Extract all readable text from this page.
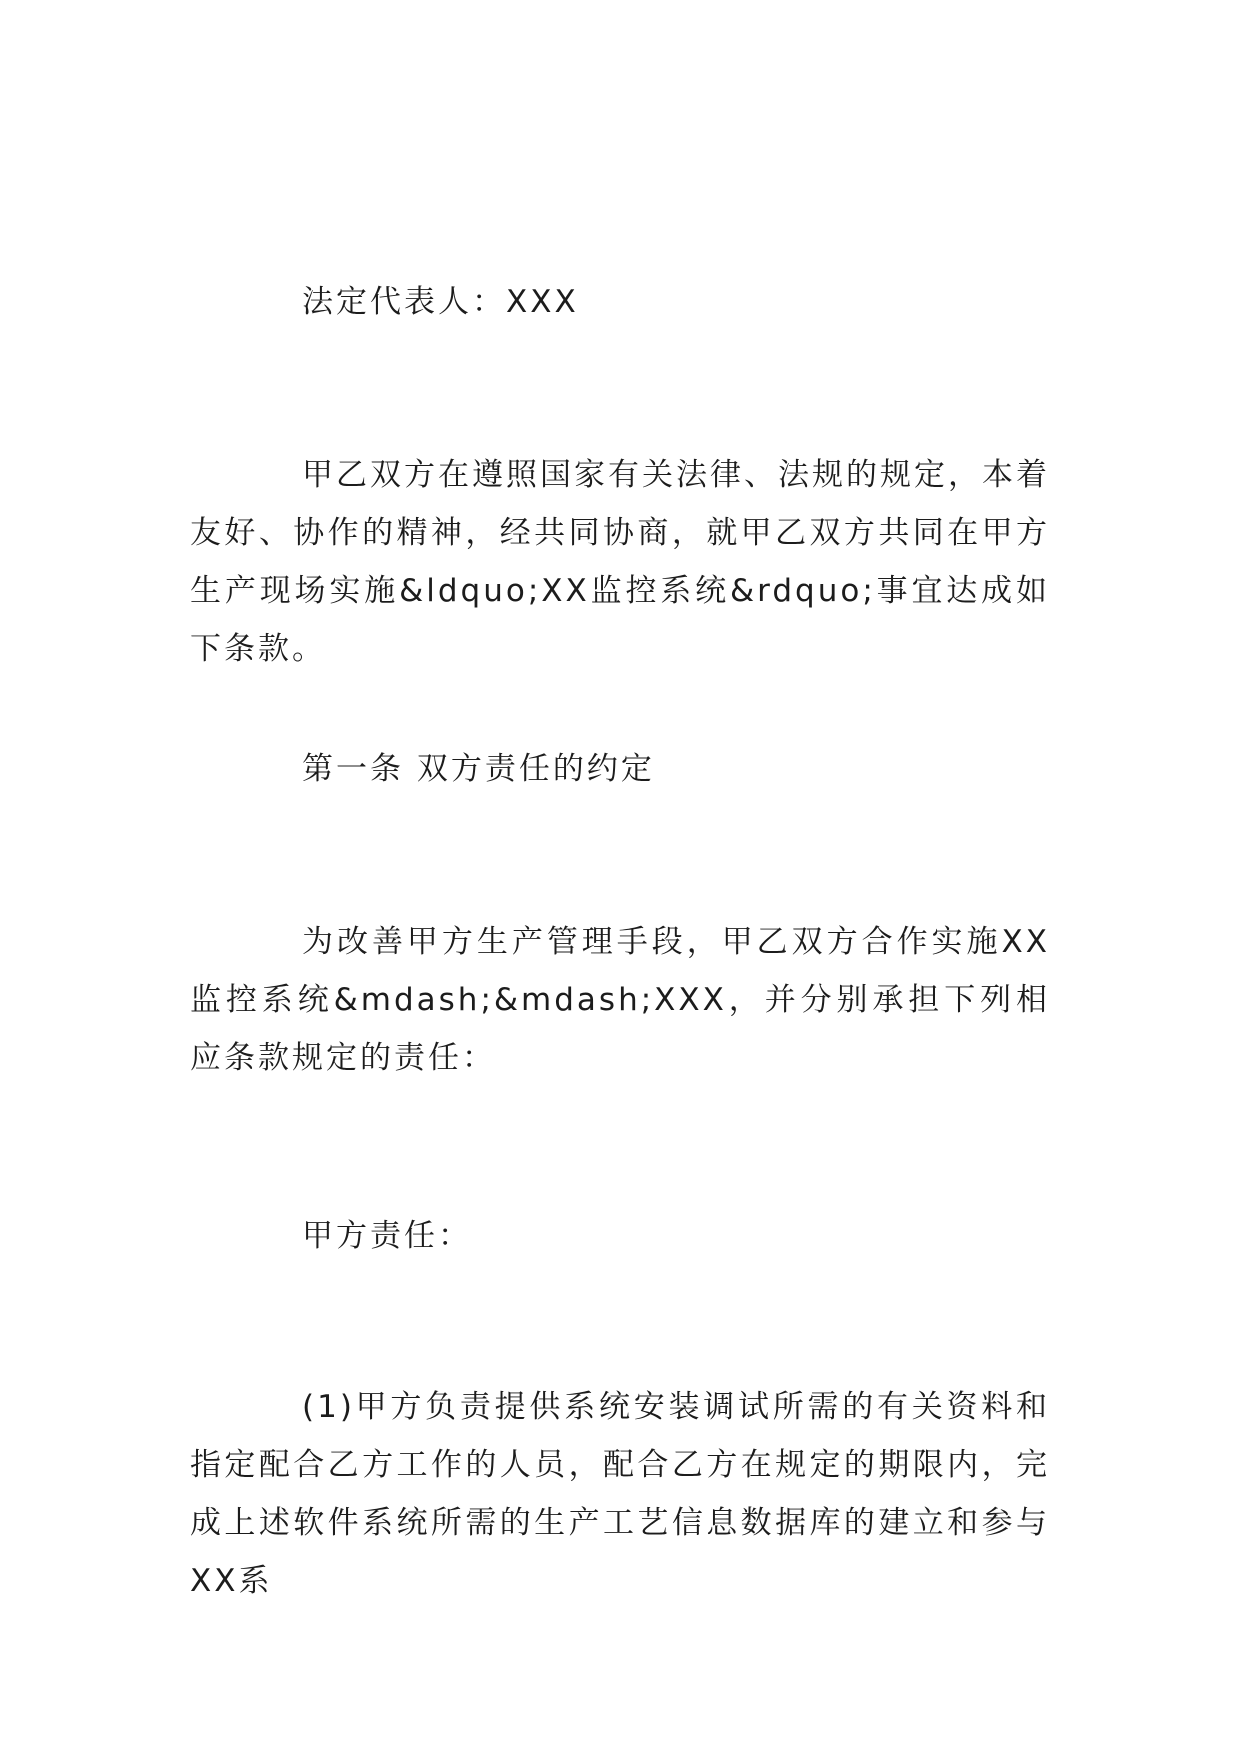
法定代表人：XXX

甲乙双方在遵照国家有关法律、法规的规定，本着友好、协作的精神，经共同协商，就甲乙双方共同在甲方生产现场实施&ldquo;XX监控系统&rdquo;事宜达成如下条款。

第一条 双方责任的约定

为改善甲方生产管理手段，甲乙双方合作实施XX监控系统&mdash;&mdash;XXX，并分别承担下列相应条款规定的责任：

甲方责任：

(1)甲方负责提供系统安装调试所需的有关资料和指定配合乙方工作的人员，配合乙方在规定的期限内，完成上述软件系统所需的生产工艺信息数据库的建立和参与XX系
